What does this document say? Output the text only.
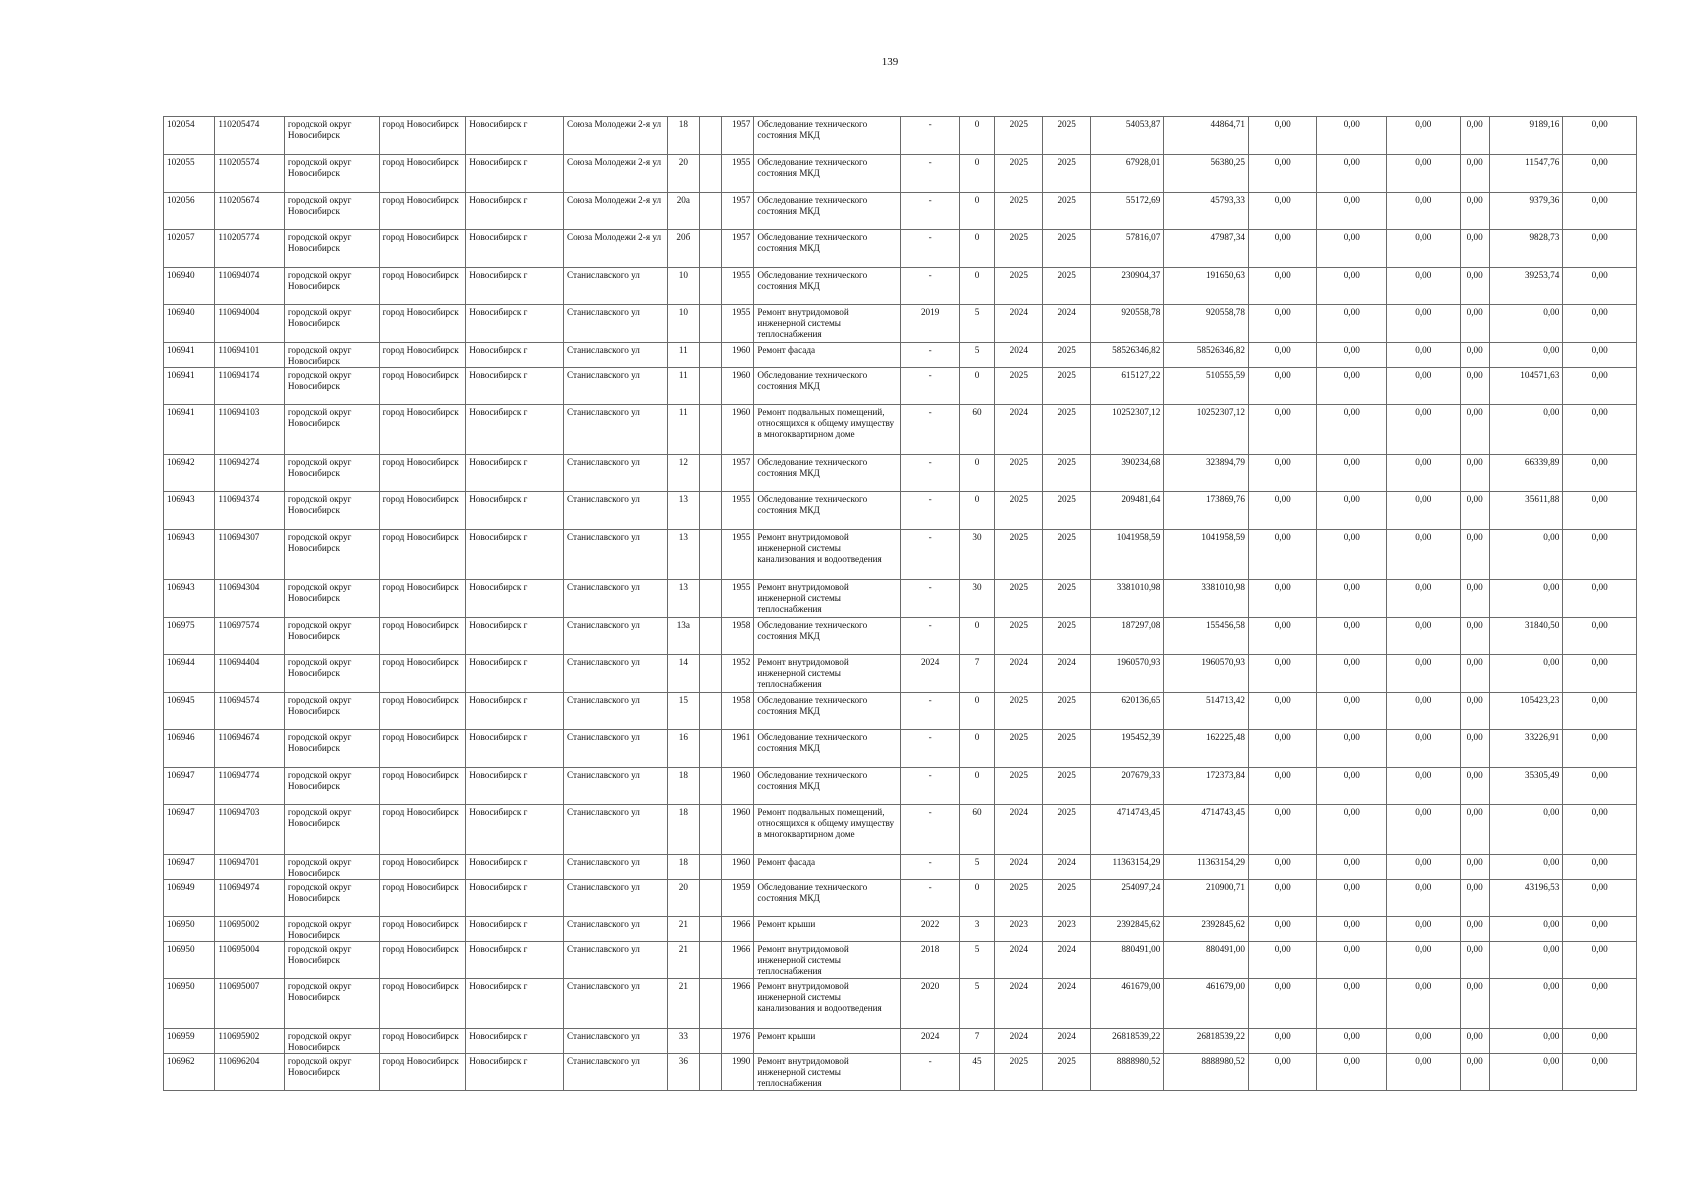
139
102054	110205474	городской округ Новосибирск	город Новосибирск	Новосибирск г	Союза Молодежи 2-я ул	18		1957	Обследование технического состояния МКД	-	0	2025	2025	54053,87	44864,71	0,00	0,00	0,00	0,00	9189,16	0,00
102055	110205574	городской округ Новосибирск	город Новосибирск	Новосибирск г	Союза Молодежи 2-я ул	20		1955	Обследование технического состояния МКД	-	0	2025	2025	67928,01	56380,25	0,00	0,00	0,00	0,00	11547,76	0,00
102056	110205674	городской округ Новосибирск	город Новосибирск	Новосибирск г	Союза Молодежи 2-я ул	20а		1957	Обследование технического состояния МКД	-	0	2025	2025	55172,69	45793,33	0,00	0,00	0,00	0,00	9379,36	0,00
102057	110205774	городской округ Новосибирск	город Новосибирск	Новосибирск г	Союза Молодежи 2-я ул	20б		1957	Обследование технического состояния МКД	-	0	2025	2025	57816,07	47987,34	0,00	0,00	0,00	0,00	9828,73	0,00
106940	110694074	городской округ Новосибирск	город Новосибирск	Новосибирск г	Станиславского ул	10		1955	Обследование технического состояния МКД	-	0	2025	2025	230904,37	191650,63	0,00	0,00	0,00	0,00	39253,74	0,00
106940	110694004	городской округ Новосибирск	город Новосибирск	Новосибирск г	Станиславского ул	10		1955	Ремонт внутридомовой инженерной системы теплоснабжения	2019	5	2024	2024	920558,78	920558,78	0,00	0,00	0,00	0,00	0,00	0,00
106941	110694101	городской округ Новосибирск	город Новосибирск	Новосибирск г	Станиславского ул	11		1960	Ремонт фасада	-	5	2024	2025	58526346,82	58526346,82	0,00	0,00	0,00	0,00	0,00	0,00
106941	110694174	городской округ Новосибирск	город Новосибирск	Новосибирск г	Станиславского ул	11		1960	Обследование технического состояния МКД	-	0	2025	2025	615127,22	510555,59	0,00	0,00	0,00	0,00	104571,63	0,00
106941	110694103	городской округ Новосибирск	город Новосибирск	Новосибирск г	Станиславского ул	11		1960	Ремонт подвальных помещений, относящихся к общему имуществу в многоквартирном доме	-	60	2024	2025	10252307,12	10252307,12	0,00	0,00	0,00	0,00	0,00	0,00
106942	110694274	городской округ Новосибирск	город Новосибирск	Новосибирск г	Станиславского ул	12		1957	Обследование технического состояния МКД	-	0	2025	2025	390234,68	323894,79	0,00	0,00	0,00	0,00	66339,89	0,00
106943	110694374	городской округ Новосибирск	город Новосибирск	Новосибирск г	Станиславского ул	13		1955	Обследование технического состояния МКД	-	0	2025	2025	209481,64	173869,76	0,00	0,00	0,00	0,00	35611,88	0,00
106943	110694307	городской округ Новосибирск	город Новосибирск	Новосибирск г	Станиславского ул	13		1955	Ремонт внутридомовой инженерной системы канализования и водоотведения	-	30	2025	2025	1041958,59	1041958,59	0,00	0,00	0,00	0,00	0,00	0,00
106943	110694304	городской округ Новосибирск	город Новосибирск	Новосибирск г	Станиславского ул	13		1955	Ремонт внутридомовой инженерной системы теплоснабжения	-	30	2025	2025	3381010,98	3381010,98	0,00	0,00	0,00	0,00	0,00	0,00
106975	110697574	городской округ Новосибирск	город Новосибирск	Новосибирск г	Станиславского ул	13а		1958	Обследование технического состояния МКД	-	0	2025	2025	187297,08	155456,58	0,00	0,00	0,00	0,00	31840,50	0,00
106944	110694404	городской округ Новосибирск	город Новосибирск	Новосибирск г	Станиславского ул	14		1952	Ремонт внутридомовой инженерной системы теплоснабжения	2024	7	2024	2024	1960570,93	1960570,93	0,00	0,00	0,00	0,00	0,00	0,00
106945	110694574	городской округ Новосибирск	город Новосибирск	Новосибирск г	Станиславского ул	15		1958	Обследование технического состояния МКД	-	0	2025	2025	620136,65	514713,42	0,00	0,00	0,00	0,00	105423,23	0,00
106946	110694674	городской округ Новосибирск	город Новосибирск	Новосибирск г	Станиславского ул	16		1961	Обследование технического состояния МКД	-	0	2025	2025	195452,39	162225,48	0,00	0,00	0,00	0,00	33226,91	0,00
106947	110694774	городской округ Новосибирск	город Новосибирск	Новосибирск г	Станиславского ул	18		1960	Обследование технического состояния МКД	-	0	2025	2025	207679,33	172373,84	0,00	0,00	0,00	0,00	35305,49	0,00
106947	110694703	городской округ Новосибирск	город Новосибирск	Новосибирск г	Станиславского ул	18		1960	Ремонт подвальных помещений, относящихся к общему имуществу в многоквартирном доме	-	60	2024	2025	4714743,45	4714743,45	0,00	0,00	0,00	0,00	0,00	0,00
106947	110694701	городской округ Новосибирск	город Новосибирск	Новосибирск г	Станиславского ул	18		1960	Ремонт фасада	-	5	2024	2024	11363154,29	11363154,29	0,00	0,00	0,00	0,00	0,00	0,00
106949	110694974	городской округ Новосибирск	город Новосибирск	Новосибирск г	Станиславского ул	20		1959	Обследование технического состояния МКД	-	0	2025	2025	254097,24	210900,71	0,00	0,00	0,00	0,00	43196,53	0,00
106950	110695002	городской округ Новосибирск	город Новосибирск	Новосибирск г	Станиславского ул	21		1966	Ремонт крыши	2022	3	2023	2023	2392845,62	2392845,62	0,00	0,00	0,00	0,00	0,00	0,00
106950	110695004	городской округ Новосибирск	город Новосибирск	Новосибирск г	Станиславского ул	21		1966	Ремонт внутридомовой инженерной системы теплоснабжения	2018	5	2024	2024	880491,00	880491,00	0,00	0,00	0,00	0,00	0,00	0,00
106950	110695007	городской округ Новосибирск	город Новосибирск	Новосибирск г	Станиславского ул	21		1966	Ремонт внутридомовой инженерной системы канализования и водоотведения	2020	5	2024	2024	461679,00	461679,00	0,00	0,00	0,00	0,00	0,00	0,00
106959	110695902	городской округ Новосибирск	город Новосибирск	Новосибирск г	Станиславского ул	33		1976	Ремонт крыши	2024	7	2024	2024	26818539,22	26818539,22	0,00	0,00	0,00	0,00	0,00	0,00
106962	110696204	городской округ Новосибирск	город Новосибирск	Новосибирск г	Станиславского ул	36		1990	Ремонт внутридомовой инженерной системы теплоснабжения	-	45	2025	2025	8888980,52	8888980,52	0,00	0,00	0,00	0,00	0,00	0,00
